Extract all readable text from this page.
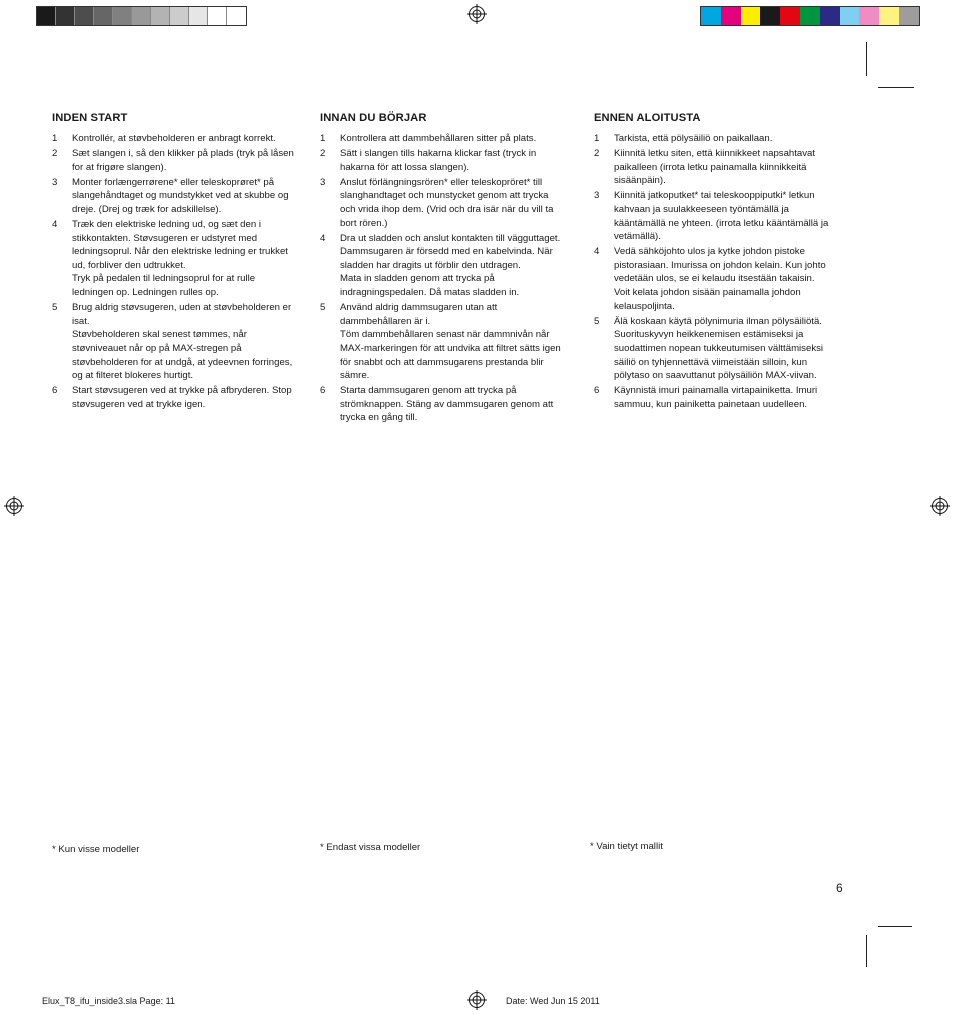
INDEN START
1	Kontrollér, at støvbeholderen er anbragt korrekt.

2	Sæt slangen i, så den klikker på plads (tryk på låsen for at frigøre slangen).

3	Monter forlængerrørene* eller teleskoprøret* på slangehåndtaget og mundstykket ved at skubbe og dreje. (Drej og træk for adskillelse).

4	Træk den elektriske ledning ud, og sæt den i stikkontakten. Støvsugeren er udstyret med ledningsoprul. Når den elektriske ledning er trukket ud, forbliver den udtrukket.

Tryk på pedalen til ledningsoprul for at rulle ledningen op. Ledningen rulles op.

5	Brug aldrig støvsugeren, uden at støvbeholderen er isat.

Støvbeholderen skal senest tømmes, når støvniveauet når op på MAX-stregen på støvbeholderen for at undgå, at ydeevnen forringes, og at filteret blokeres hurtigt.

6	Start støvsugeren ved at trykke på afbryderen. Stop støvsugeren ved at trykke igen.

INNAN DU BÖRJAR
1	Kontrollera att dammbehållaren sitter på plats.

2	Sätt i slangen tills hakarna klickar fast (tryck in hakarna för att lossa slangen).

3	Anslut förlängningsrören* eller teleskopröret* till slanghandtaget och munstycket genom att trycka och vrida ihop dem. (Vrid och dra isär när du vill ta bort rören.)

4	Dra ut sladden och anslut kontakten till vägguttaget. Dammsugaren är försedd med en kabelvinda. När sladden har dragits ut förblir den utdragen.

Mata in sladden genom att trycka på indragningspedalen. Då matas sladden in.

5	Använd aldrig dammsugaren utan att dammbehållaren är i.

Töm dammbehållaren senast när dammnivån når MAX-markeringen för att undvika att filtret sätts igen för snabbt och att dammsugarens prestanda blir sämre.

6	Starta dammsugaren genom att trycka på strömknappen. Stäng av dammsugaren genom att trycka en gång till.

ENNEN ALOITUSTA
1	Tarkista, että pölysäiliö on paikallaan.

2	Kiinnitä letku siten, että kiinnikkeet napsahtavat paikalleen (irrota letku painamalla kiinnikkeitä sisäänpäin).

3	Kiinnitä jatkoputket* tai teleskooppiputki* letkun kahvaan ja suulakkeeseen työntämällä ja kääntämällä ne yhteen. (irrota letku kääntämällä ja vetämällä).

4	Vedä sähköjohto ulos ja kytke johdon pistoke pistorasiaan. Imurissa on johdon kelain. Kun johto vedetään ulos, se ei kelaudu itsestään takaisin.

Voit kelata johdon sisään painamalla johdon kelauspoljinta.

5	Älä koskaan käytä pölynimuria ilman pölysäiliötä.

Suorituskyvyn heikkenemisen estämiseksi ja suodattimen nopean tukkeutumisen välttämiseksi säiliö on tyhjennettävä viimeistään silloin, kun pölytaso on saavuttanut pölysäiliön MAX-viivan.

6	Käynnistä imuri painamalla virtapainiketta. Imuri sammuu, kun painiketta painetaan uudelleen.

* Kun visse modeller	* Endast vissa modeller	* Vain tietyt mallit
6
Elux_T8_ifu_inside3.sla Page: 11	Date: Wed Jun 15 2011
